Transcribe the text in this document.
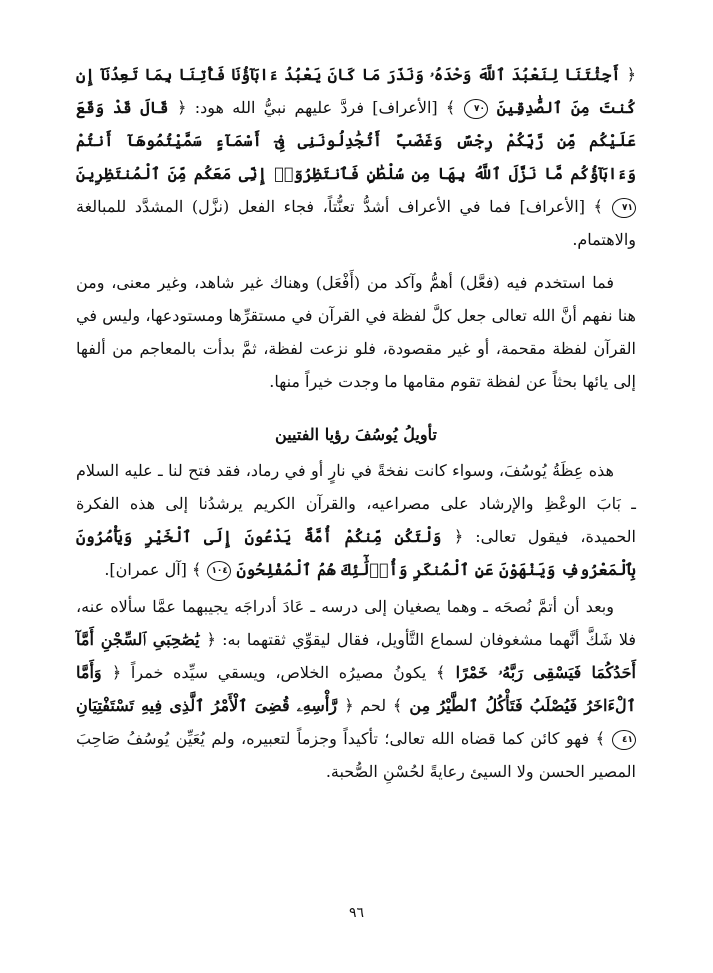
﴿ أَجِئْتَنَا لِنَعْبُدَ ٱللَّهَ وَحْدَهُۥ وَنَذَرَ مَا كَانَ يَعْبُدُ ءَابَآؤُنَا فَأْتِنَا بِمَا تَعِدُنَآ إِن كُنتَ مِنَ ٱلصَّٰدِقِينَ ٧٠ ﴾ [الأعراف] فردَّ عليهم نبيُّ الله هود: ﴿ قَالَ قَدْ وَقَعَ عَلَيْكُم مِّن رَّبِّكُمْ رِجْسٌ وَغَضَبٌ أَتُجَٰدِلُونَنِى فِىٓ أَسْمَآءٍ سَمَّيْتُمُوهَآ أَنتُمْ وَءَابَآؤُكُم مَّا نَزَّلَ ٱللَّهُ بِهَا مِن سُلْطَٰنٍ فَٱنتَظِرُوٓا۟ إِنِّى مَعَكُم مِّنَ ٱلْمُنتَظِرِينَ ٧١ ﴾ [الأعراف] فما في الأعراف أشدُّ تعنُّتاً، فجاء الفعل (نزَّل) المشدَّد للمبالغة والاهتمام.

فما استخدم فيه (فعَّل) أهمُّ وآكد من (أَفْعَل) وهناك غير شاهد، وغير معنى، ومن هنا نفهم أنَّ الله تعالى جعل كلَّ لفظة في القرآن في مستقرِّها ومستودعها، وليس في القرآن لفظة مقحمة، أو غير مقصودة، فلو نزعت لفظة، ثمَّ بدأت بالمعاجم من ألفها إلى يائها بحثاً عن لفظة تقوم مقامها ما وجدت خيراً منها.

تأويلُ يُوسُفَ رؤيا الفتيين

هذه عِظَةُ يُوسُفَ، وسواء كانت نفخةً في نارٍ أو في رماد، فقد فتح لنا ـ عليه السلام ـ بَابَ الوعْظِ والإرشاد على مصراعيه، والقرآن الكريم يرشدُنا إلى هذه الفكرة الحميدة، فيقول تعالى: ﴿ وَلْتَكُن مِّنكُمْ أُمَّةٌ يَدْعُونَ إِلَى ٱلْخَيْرِ وَيَأْمُرُونَ بِٱلْمَعْرُوفِ وَيَنْهَوْنَ عَنِ ٱلْمُنكَرِ وَأُو۟لَٰٓئِكَ هُمُ ٱلْمُفْلِحُونَ ١٠٤ ﴾ [آل عمران].

وبعد أن أتمَّ نُصحَه ـ وهما يصغيان إلى درسه ـ عَادَ أدراجَه يجيبهما عمَّا سألاه عنه، فلا شَكَّ أنَّهما مشغوفان لسماع التَّأويل، فقال ليقوِّي ثقتهما به: ﴿ يَٰصَٰحِبَىِ ٱلسِّجْنِ أَمَّآ أَحَدُكُمَا فَيَسْقِى رَبَّهُۥ خَمْرًا ﴾ يكونُ مصيرُه الخلاص، ويسقي سيِّده خمراً ﴿ وَأَمَّا ٱلْءَاخَرُ فَيُصْلَبُ فَتَأْكُلُ ٱلطَّيْرُ مِن ﴾ لحم ﴿ رَّأْسِهِۦ قُضِىَ ٱلْأَمْرُ ٱلَّذِى فِيهِ تَسْتَفْتِيَانِ ٤١ ﴾ فهو كائن كما قضاه الله تعالى؛ تأكيداً وجزماً لتعبيره، ولم يُعَيِّن يُوسُفُ صَاحِبَ المصير الحسن ولا السيئ رعايةً لحُسْنِ الصُّحبة.

٩٦
